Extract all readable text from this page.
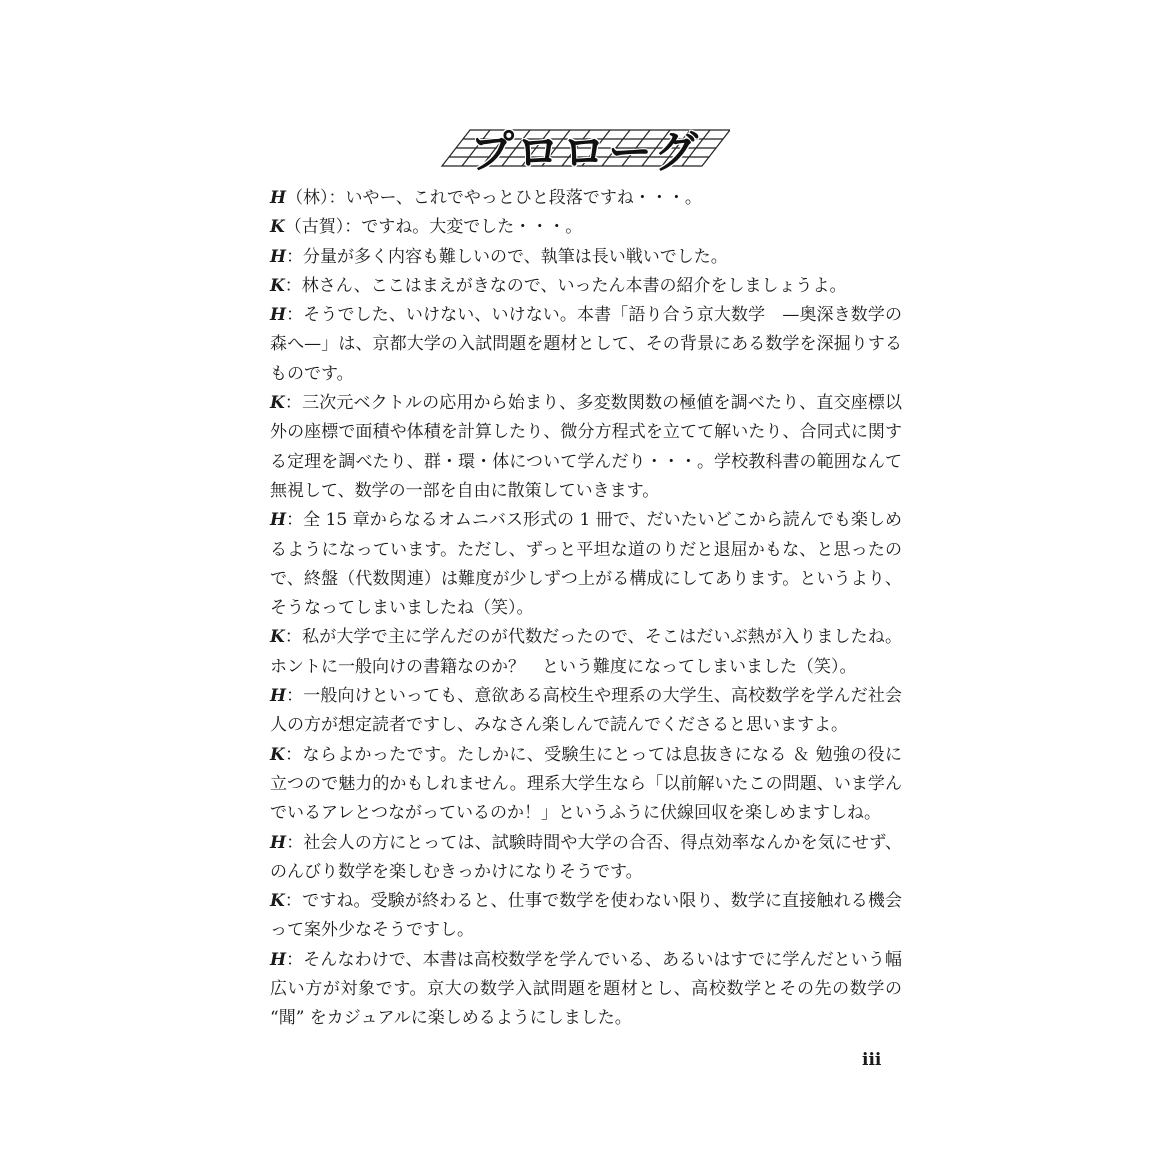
プロローグ

H（林）：いやー、これでやっとひと段落ですね・・・。

K（古賀）：ですね。大変でした・・・。

H：分量が多く内容も難しいので、執筆は長い戦いでした。

K：林さん、ここはまえがきなので、いったん本書の紹介をしましょうよ。

H：そうでした、いけない、いけない。本書「語り合う京大数学　—奥深き数学の森へ—」は、京都大学の入試問題を題材として、その背景にある数学を深掘りするものです。

K：三次元ベクトルの応用から始まり、多変数関数の極値を調べたり、直交座標以外の座標で面積や体積を計算したり、微分方程式を立てて解いたり、合同式に関する定理を調べたり、群・環・体について学んだり・・・。学校教科書の範囲なんて無視して、数学の一部を自由に散策していきます。

H：全 15 章からなるオムニバス形式の 1 冊で、だいたいどこから読んでも楽しめるようになっています。ただし、ずっと平坦な道のりだと退屈かもな、と思ったので、終盤（代数関連）は難度が少しずつ上がる構成にしてあります。というより、そうなってしまいましたね（笑）。

K：私が大学で主に学んだのが代数だったので、そこはだいぶ熱が入りましたね。ホントに一般向けの書籍なのか？　という難度になってしまいました（笑）。

H：一般向けといっても、意欲ある高校生や理系の大学生、高校数学を学んだ社会人の方が想定読者ですし、みなさん楽しんで読んでくださると思いますよ。

K：ならよかったです。たしかに、受験生にとっては息抜きになる ＆ 勉強の役に立つので魅力的かもしれません。理系大学生なら「以前解いたこの問題、いま学んでいるアレとつながっているのか！」というふうに伏線回収を楽しめますしね。

H：社会人の方にとっては、試験時間や大学の合否、得点効率なんかを気にせず、のんびり数学を楽しむきっかけになりそうです。

K：ですね。受験が終わると、仕事で数学を使わない限り、数学に直接触れる機会って案外少なそうですし。

H：そんなわけで、本書は高校数学を学んでいる、あるいはすでに学んだという幅広い方が対象です。京大の数学入試問題を題材とし、高校数学とその先の数学の “聞” をカジュアルに楽しめるようにしました。

iii
